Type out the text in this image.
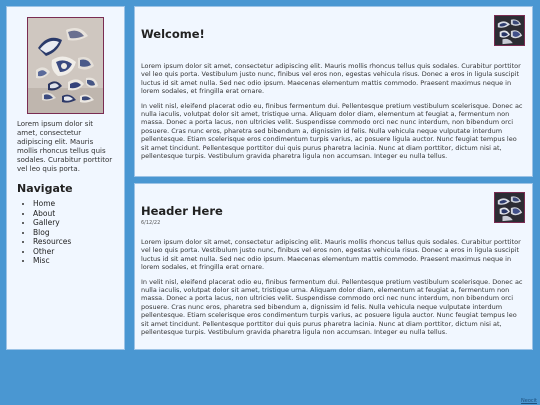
Lorem ipsum dolor sit amet, consectetur adipiscing elit. Mauris mollis rhoncus tellus quis sodales. Curabitur porttitor vel leo quis porta.

Navigate
• Home
• About
• Gallery
• Blog
• Resources
• Other
• Misc
Welcome!

Lorem ipsum dolor sit amet, consectetur adipiscing elit. Mauris mollis rhoncus tellus quis sodales. Curabitur porttitor vel leo quis porta. Vestibulum justo nunc, finibus vel eros non, egestas vehicula risus. Donec a eros in ligula suscipit luctus id sit amet nulla. Sed nec odio ipsum. Maecenas elementum mattis commodo. Praesent maximus neque in lorem sodales, et fringilla erat ornare.

In velit nisl, eleifend placerat odio eu, finibus fermentum dui. Pellentesque pretium vestibulum scelerisque. Donec ac nulla iaculis, volutpat dolor sit amet, tristique urna. Aliquam dolor diam, elementum at feugiat a, fermentum non massa. Donec a porta lacus, non ultricies velit. Suspendisse commodo orci nec nunc interdum, non bibendum orci posuere. Cras nunc eros, pharetra sed bibendum a, dignissim id felis. Nulla vehicula neque vulputate interdum pellentesque. Etiam scelerisque eros condimentum turpis varius, ac posuere ligula auctor. Nunc feugiat tempus leo sit amet tincidunt. Pellentesque porttitor dui quis purus pharetra lacinia. Nunc at diam porttitor, dictum nisi at, pellentesque turpis. Vestibulum gravida pharetra ligula non accumsan. Integer eu nulla tellus.

Header Here
6/12/22

Lorem ipsum dolor sit amet, consectetur adipiscing elit. Mauris mollis rhoncus tellus quis sodales. Curabitur porttitor vel leo quis porta. Vestibulum justo nunc, finibus vel eros non, egestas vehicula risus. Donec a eros in ligula suscipit luctus id sit amet nulla. Sed nec odio ipsum. Maecenas elementum mattis commodo. Praesent maximus neque in lorem sodales, et fringilla erat ornare.

In velit nisl, eleifend placerat odio eu, finibus fermentum dui. Pellentesque pretium vestibulum scelerisque. Donec ac nulla iaculis, volutpat dolor sit amet, tristique urna. Aliquam dolor diam, elementum at feugiat a, fermentum non massa. Donec a porta lacus, non ultricies velit. Suspendisse commodo orci nec nunc interdum, non bibendum orci posuere. Cras nunc eros, pharetra sed bibendum a, dignissim id felis. Nulla vehicula neque vulputate interdum pellentesque. Etiam scelerisque eros condimentum turpis varius, ac posuere ligula auctor. Nunc feugiat tempus leo sit amet tincidunt. Pellentesque porttitor dui quis purus pharetra lacinia. Nunc at diam porttitor, dictum nisi at, pellentesque turpis. Vestibulum gravida pharetra ligula non accumsan. Integer eu nulla tellus.

Neocit
